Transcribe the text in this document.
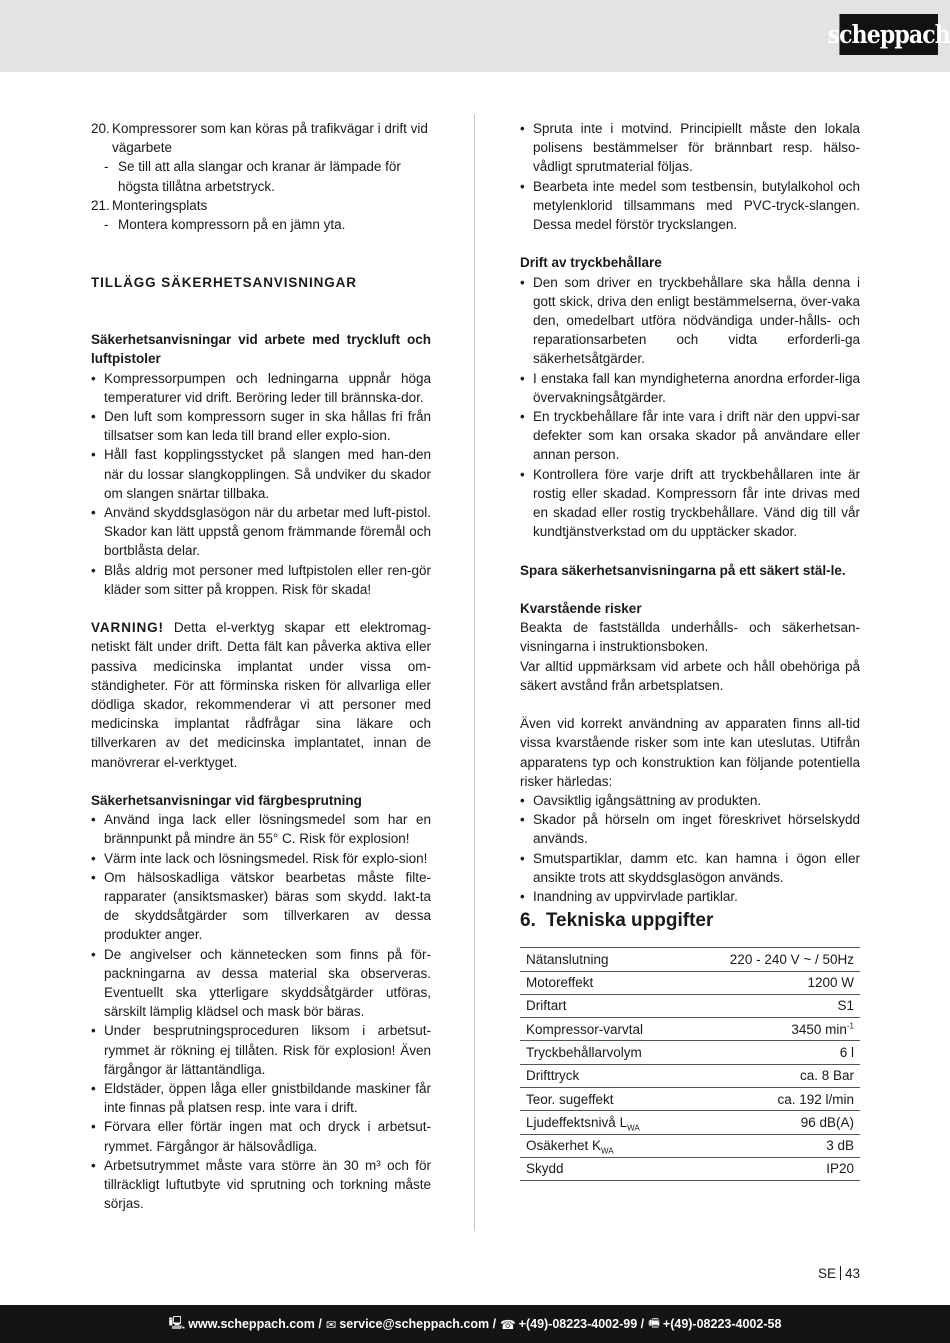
scheppach
20. Kompressorer som kan köras på trafikvägar i drift vid vägarbete
- Se till att alla slangar och kranar är lämpade för högsta tillåtna arbetstryck.
21. Monteringsplats
- Montera kompressorn på en jämn yta.

TILLÄGG SÄKERHETSANVISNINGAR

Säkerhetsanvisningar vid arbete med tryckluft och luftpistoler

• Kompressorpumpen och ledningarna uppnår höga temperaturer vid drift. Beröring leder till brännska-dor.
• Den luft som kompressorn suger in ska hållas fri från tillsatser som kan leda till brand eller explo-sion.
• Håll fast kopplingsstycket på slangen med han-den när du lossar slangkopplingen. Så undviker du skador om slangen snärtar tillbaka.
• Använd skyddsglasögon när du arbetar med luft-pistol. Skador kan lätt uppstå genom främmande föremål och bortblåsta delar.
• Blås aldrig mot personer med luftpistolen eller ren-gör kläder som sitter på kroppen. Risk för skada!

VARNING! Detta el-verktyg skapar ett elektromag-netiskt fält under drift. Detta fält kan påverka aktiva eller passiva medicinska implantat under vissa om-ständigheter. För att förminska risken för allvarliga eller dödliga skador, rekommenderar vi att personer med medicinska implantat rådfrågar sina läkare och tillverkaren av det medicinska implantatet, innan de manövrerar el-verktyget.

Säkerhetsanvisningar vid färgbesprutning

• Använd inga lack eller lösningsmedel som har en brännpunkt på mindre än 55° C. Risk för explosion!
• Värm inte lack och lösningsmedel. Risk för explo-sion!
• Om hälsoskadliga vätskor bearbetas måste filte-rapparater (ansiktsmasker) bäras som skydd. Iakt-ta de skyddsåtgärder som tillverkaren av dessa produkter anger.
• De angivelser och kännetecken som finns på för-packningarna av dessa material ska observeras. Eventuellt ska ytterligare skyddsåtgärder utföras, särskilt lämplig klädsel och mask bör bäras.
• Under besprutningsproceduren liksom i arbetsut-rymmet är rökning ej tillåten. Risk för explosion! Även färgångor är lättantändliga.
• Eldstäder, öppen låga eller gnistbildande maskiner får inte finnas på platsen resp. inte vara i drift.
• Förvara eller förtär ingen mat och dryck i arbetsut-rymmet. Färgångor är hälsovådliga.
• Arbetsutrymmet måste vara större än 30 m³ och för tillräckligt luftutbyte vid sprutning och torkning måste sörjas.
• Spruta inte i motvind. Principiellt måste den lokala polisens bestämmelser för brännbart resp. hälso-vådligt sprutmaterial följas.
• Bearbeta inte medel som testbensin, butylalkohol och metylenklorid tillsammans med PVC-tryck-slangen. Dessa medel förstör tryckslangen.

Drift av tryckbehållare

• Den som driver en tryckbehållare ska hålla denna i gott skick, driva den enligt bestämmelserna, över-vaka den, omedelbart utföra nödvändiga under-hålls- och reparationsarbeten och vidta erforderli-ga säkerhetsåtgärder.
• I enstaka fall kan myndigheterna anordna erforder-liga övervakningsåtgärder.
• En tryckbehållare får inte vara i drift när den uppvi-sar defekter som kan orsaka skador på användare eller annan person.
• Kontrollera före varje drift att tryckbehållaren inte är rostig eller skadad. Kompressorn får inte drivas med en skadad eller rostig tryckbehållare. Vänd dig till vår kundtjänstverkstad om du upptäcker skador.

Spara säkerhetsanvisningarna på ett säkert stäl-le.

Kvarstående risker

Beakta de fastställda underhålls- och säkerhetsan-visningarna i instruktionsboken.

Var alltid uppmärksam vid arbete och håll obehöriga på säkert avstånd från arbetsplatsen.

Även vid korrekt användning av apparaten finns all-tid vissa kvarstående risker som inte kan uteslutas. Utifrån apparatens typ och konstruktion kan följande potentiella risker härledas:

• Oavsiktlig igångsättning av produkten.
• Skador på hörseln om inget föreskrivet hörselskydd används.
• Smutspartiklar, damm etc. kan hamna i ögon eller ansikte trots att skyddsglasögon används.
• Inandning av uppvirvlade partiklar.
6. Tekniska uppgifter
Nätanslutning	220 - 240 V ~ / 50Hz
Motoreffekt	1200 W
Driftart	S1
Kompressor-varvtal	3450 $\min^{-1}$
Tryckbehållarvolym	6 l
Drifttryck	ca. 8 Bar
Teor. sugeffekt	ca. 192 l/min
Ljudeffektsnivå $L_{WA}$	96 dB(A)
Osäkerhet $K_{WA}$	3 dB
Skydd	IP20
SE 43
🖳︎ www.scheppach.com / ✉︎ service@scheppach.com / ☎︎ +(49)-08223-4002-99 / 🖷︎ +(49)-08223-4002-58
